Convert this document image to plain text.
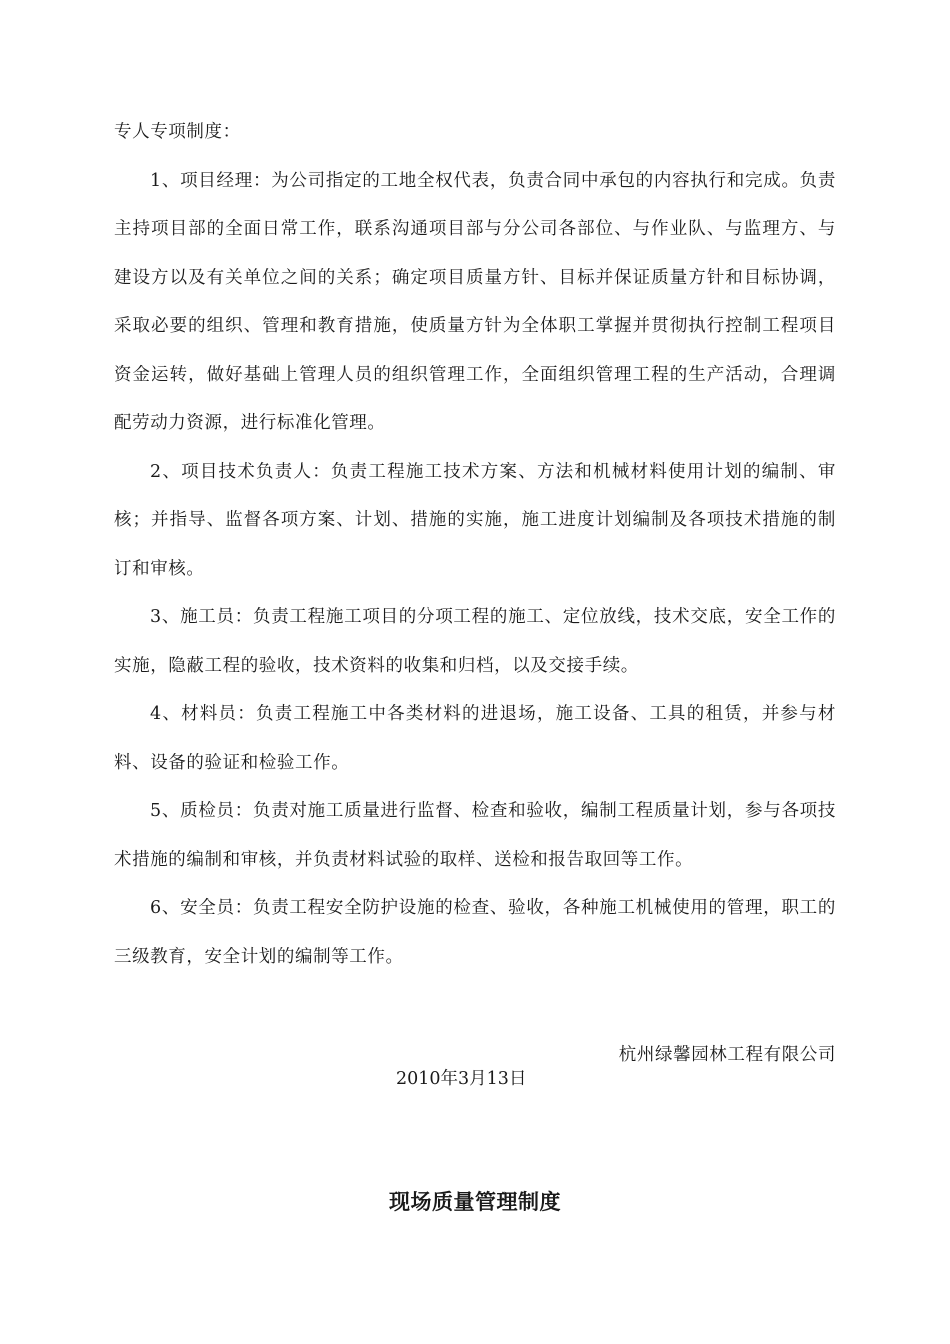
专人专项制度：

1、项目经理：为公司指定的工地全权代表，负责合同中承包的内容执行和完成。负责主持项目部的全面日常工作，联系沟通项目部与分公司各部位、与作业队、与监理方、与建设方以及有关单位之间的关系；确定项目质量方针、目标并保证质量方针和目标协调，采取必要的组织、管理和教育措施，使质量方针为全体职工掌握并贯彻执行控制工程项目资金运转，做好基础上管理人员的组织管理工作，全面组织管理工程的生产活动，合理调配劳动力资源，进行标准化管理。

2、项目技术负责人：负责工程施工技术方案、方法和机械材料使用计划的编制、审核；并指导、监督各项方案、计划、措施的实施，施工进度计划编制及各项技术措施的制订和审核。

3、施工员：负责工程施工项目的分项工程的施工、定位放线，技术交底，安全工作的实施，隐蔽工程的验收，技术资料的收集和归档，以及交接手续。

4、材料员：负责工程施工中各类材料的进退场，施工设备、工具的租赁，并参与材料、设备的验证和检验工作。

5、质检员：负责对施工质量进行监督、检查和验收，编制工程质量计划，参与各项技术措施的编制和审核，并负责材料试验的取样、送检和报告取回等工作。

6、安全员：负责工程安全防护设施的检查、验收，各种施工机械使用的管理，职工的三级教育，安全计划的编制等工作。

杭州绿馨园林工程有限公司
2010年3月13日
现场质量管理制度
